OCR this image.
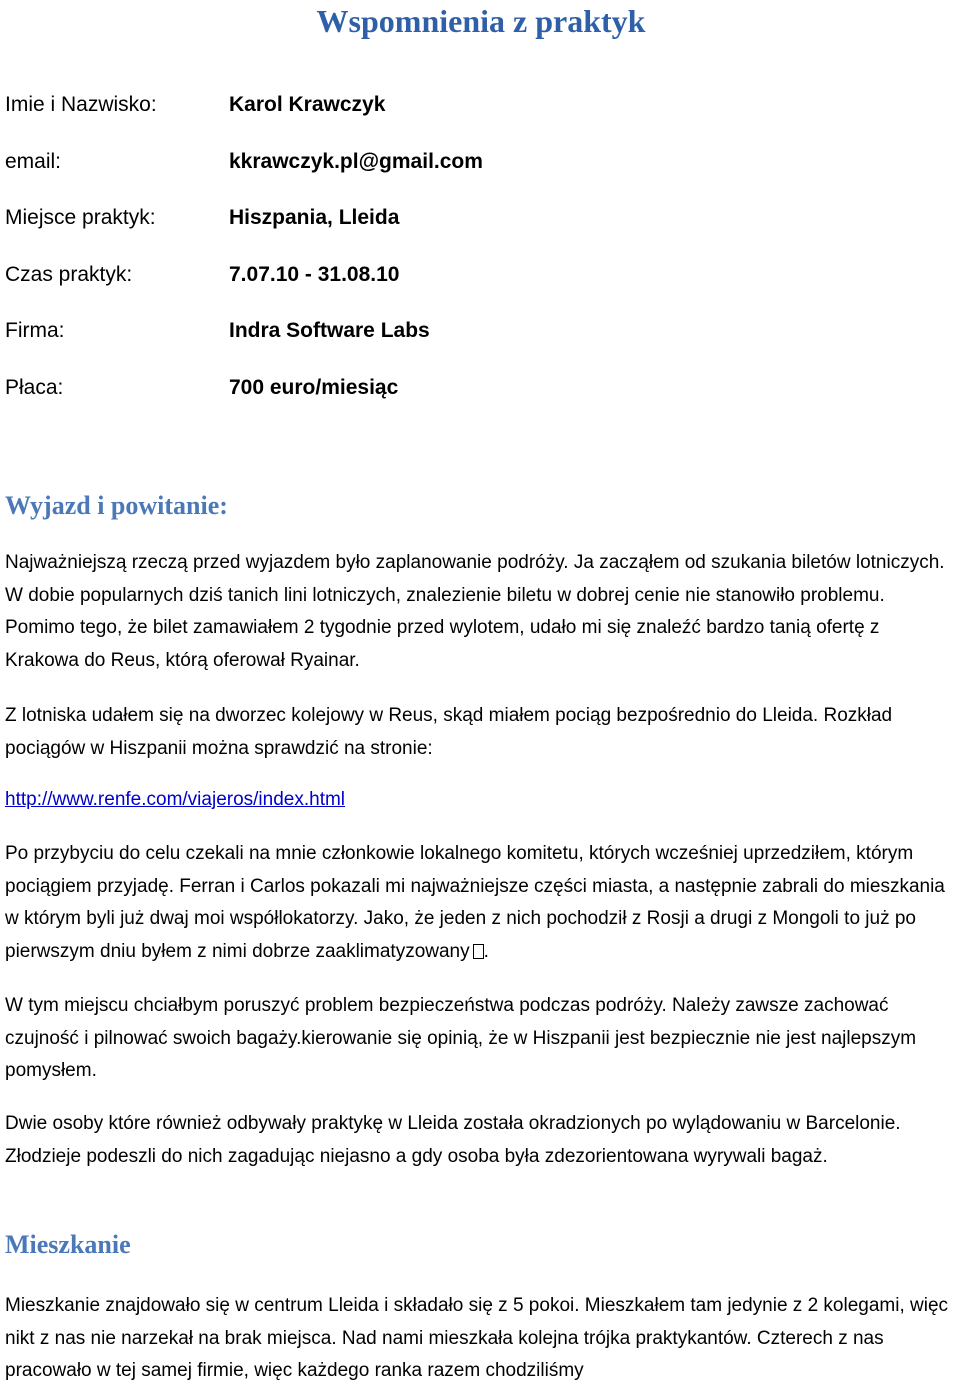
Wspomnienia z praktyk
Imie i Nazwisko:	Karol Krawczyk
email:	kkrawczyk.pl@gmail.com
Miejsce praktyk:	Hiszpania, Lleida
Czas praktyk:	7.07.10 - 31.08.10
Firma:	Indra Software Labs
Płaca:	700 euro/miesiąc
Wyjazd i powitanie:

Najważniejszą rzeczą przed wyjazdem było zaplanowanie podróży. Ja zacząłem od szukania biletów lotniczych. W dobie popularnych dziś tanich lini lotniczych, znalezienie biletu w dobrej cenie nie stanowiło problemu. Pomimo tego, że bilet zamawiałem 2 tygodnie przed wylotem, udało mi się znaleźć bardzo tanią ofertę z Krakowa do Reus, którą oferował Ryainar.

Z lotniska udałem się na dworzec kolejowy w Reus, skąd miałem pociąg bezpośrednio do Lleida. Rozkład pociągów w Hiszpanii można sprawdzić na stronie:

http://www.renfe.com/viajeros/index.html

Po przybyciu do celu czekali na mnie członkowie lokalnego komitetu, których wcześniej uprzedziłem, którym pociągiem przyjadę. Ferran i Carlos pokazali mi najważniejsze części miasta, a następnie zabrali do mieszkania w którym byli już dwaj moi współlokatorzy. Jako, że jeden z nich pochodził z Rosji a drugi z Mongoli to już po pierwszym dniu byłem z nimi dobrze zaaklimatyzowany .

W tym miejscu chciałbym poruszyć problem bezpieczeństwa podczas podróży. Należy zawsze zachować czujność i pilnować swoich bagaży.kierowanie się opinią, że w Hiszpanii jest bezpiecznie nie jest najlepszym pomysłem.

Dwie osoby które również odbywały praktykę w Lleida została okradzionych po wylądowaniu w Barcelonie. Złodzieje podeszli do nich zagadując niejasno a gdy osoba była zdezorientowana wyrywali bagaż.

Mieszkanie

Mieszkanie znajdowało się w centrum Lleida i składało się z 5 pokoi. Mieszkałem tam jedynie z 2 kolegami, więc nikt z nas nie narzekał na brak miejsca. Nad nami mieszkała kolejna trójka praktykantów. Czterech z nas pracowało w tej samej firmie, więc każdego ranka razem chodziliśmy
